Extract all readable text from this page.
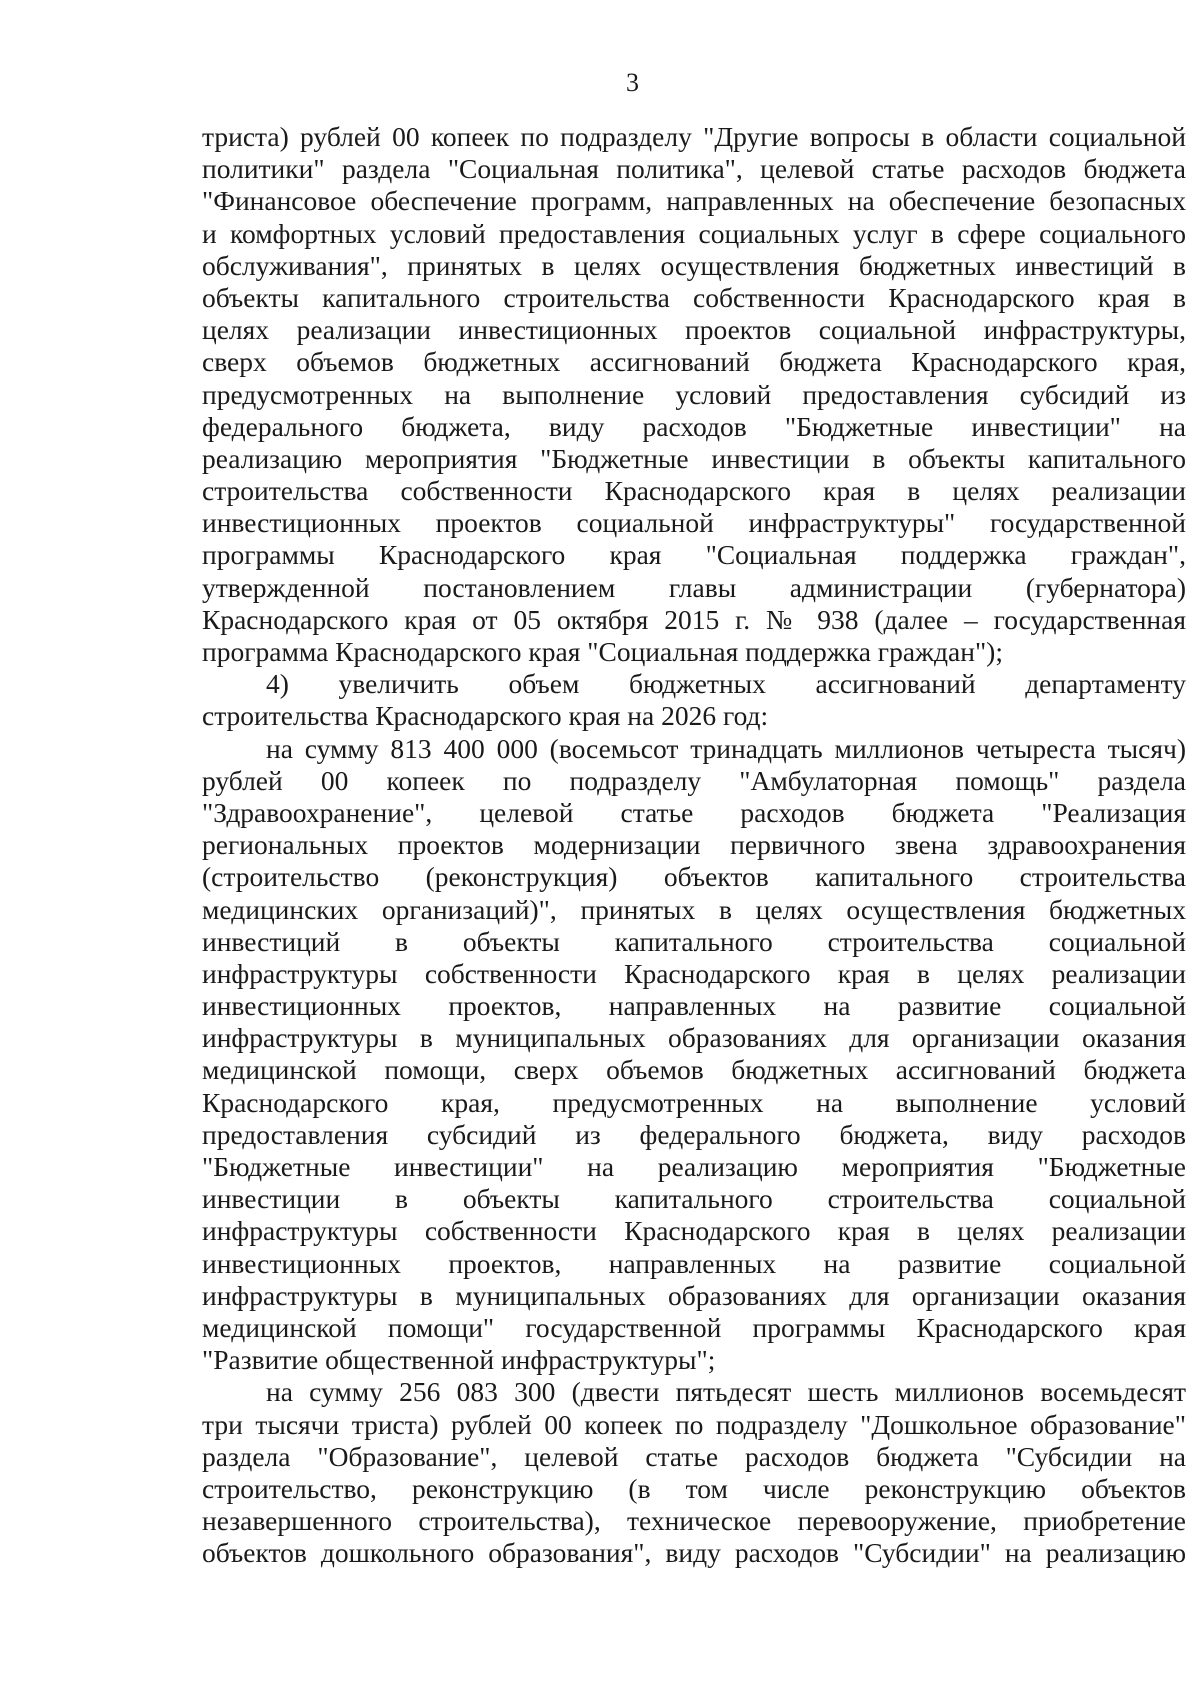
3
триста) рублей 00 копеек по подразделу "Другие вопросы в области социальной
политики" раздела "Социальная политика", целевой статье расходов бюджета
"Финансовое обеспечение программ, направленных на обеспечение безопасных
и комфортных условий предоставления социальных услуг в сфере социального
обслуживания", принятых в целях осуществления бюджетных инвестиций в
объекты капитального строительства собственности Краснодарского края в
целях реализации инвестиционных проектов социальной инфраструктуры,
сверх объемов бюджетных ассигнований бюджета Краснодарского края,
предусмотренных на выполнение условий предоставления субсидий из
федерального бюджета, виду расходов "Бюджетные инвестиции" на
реализацию мероприятия "Бюджетные инвестиции в объекты капитального
строительства собственности Краснодарского края в целях реализации
инвестиционных проектов социальной инфраструктуры" государственной
программы Краснодарского края "Социальная поддержка граждан",
утвержденной постановлением главы администрации (губернатора)
Краснодарского края от 05 октября 2015 г. № 938 (далее – государственная
программа Краснодарского края "Социальная поддержка граждан");
4) увеличить объем бюджетных ассигнований департаменту
строительства Краснодарского края на 2026 год:
на сумму 813 400 000 (восемьсот тринадцать миллионов четыреста тысяч)
рублей 00 копеек по подразделу "Амбулаторная помощь" раздела
"Здравоохранение", целевой статье расходов бюджета "Реализация
региональных проектов модернизации первичного звена здравоохранения
(строительство (реконструкция) объектов капитального строительства
медицинских организаций)", принятых в целях осуществления бюджетных
инвестиций в объекты капитального строительства социальной
инфраструктуры собственности Краснодарского края в целях реализации
инвестиционных проектов, направленных на развитие социальной
инфраструктуры в муниципальных образованиях для организации оказания
медицинской помощи, сверх объемов бюджетных ассигнований бюджета
Краснодарского края, предусмотренных на выполнение условий
предоставления субсидий из федерального бюджета, виду расходов
"Бюджетные инвестиции" на реализацию мероприятия "Бюджетные
инвестиции в объекты капитального строительства социальной
инфраструктуры собственности Краснодарского края в целях реализации
инвестиционных проектов, направленных на развитие социальной
инфраструктуры в муниципальных образованиях для организации оказания
медицинской помощи" государственной программы Краснодарского края
"Развитие общественной инфраструктуры";
на сумму 256 083 300 (двести пятьдесят шесть миллионов восемьдесят
три тысячи триста) рублей 00 копеек по подразделу "Дошкольное образование"
раздела "Образование", целевой статье расходов бюджета "Субсидии на
строительство, реконструкцию (в том числе реконструкцию объектов
незавершенного строительства), техническое перевооружение, приобретение
объектов дошкольного образования", виду расходов "Субсидии" на реализацию
